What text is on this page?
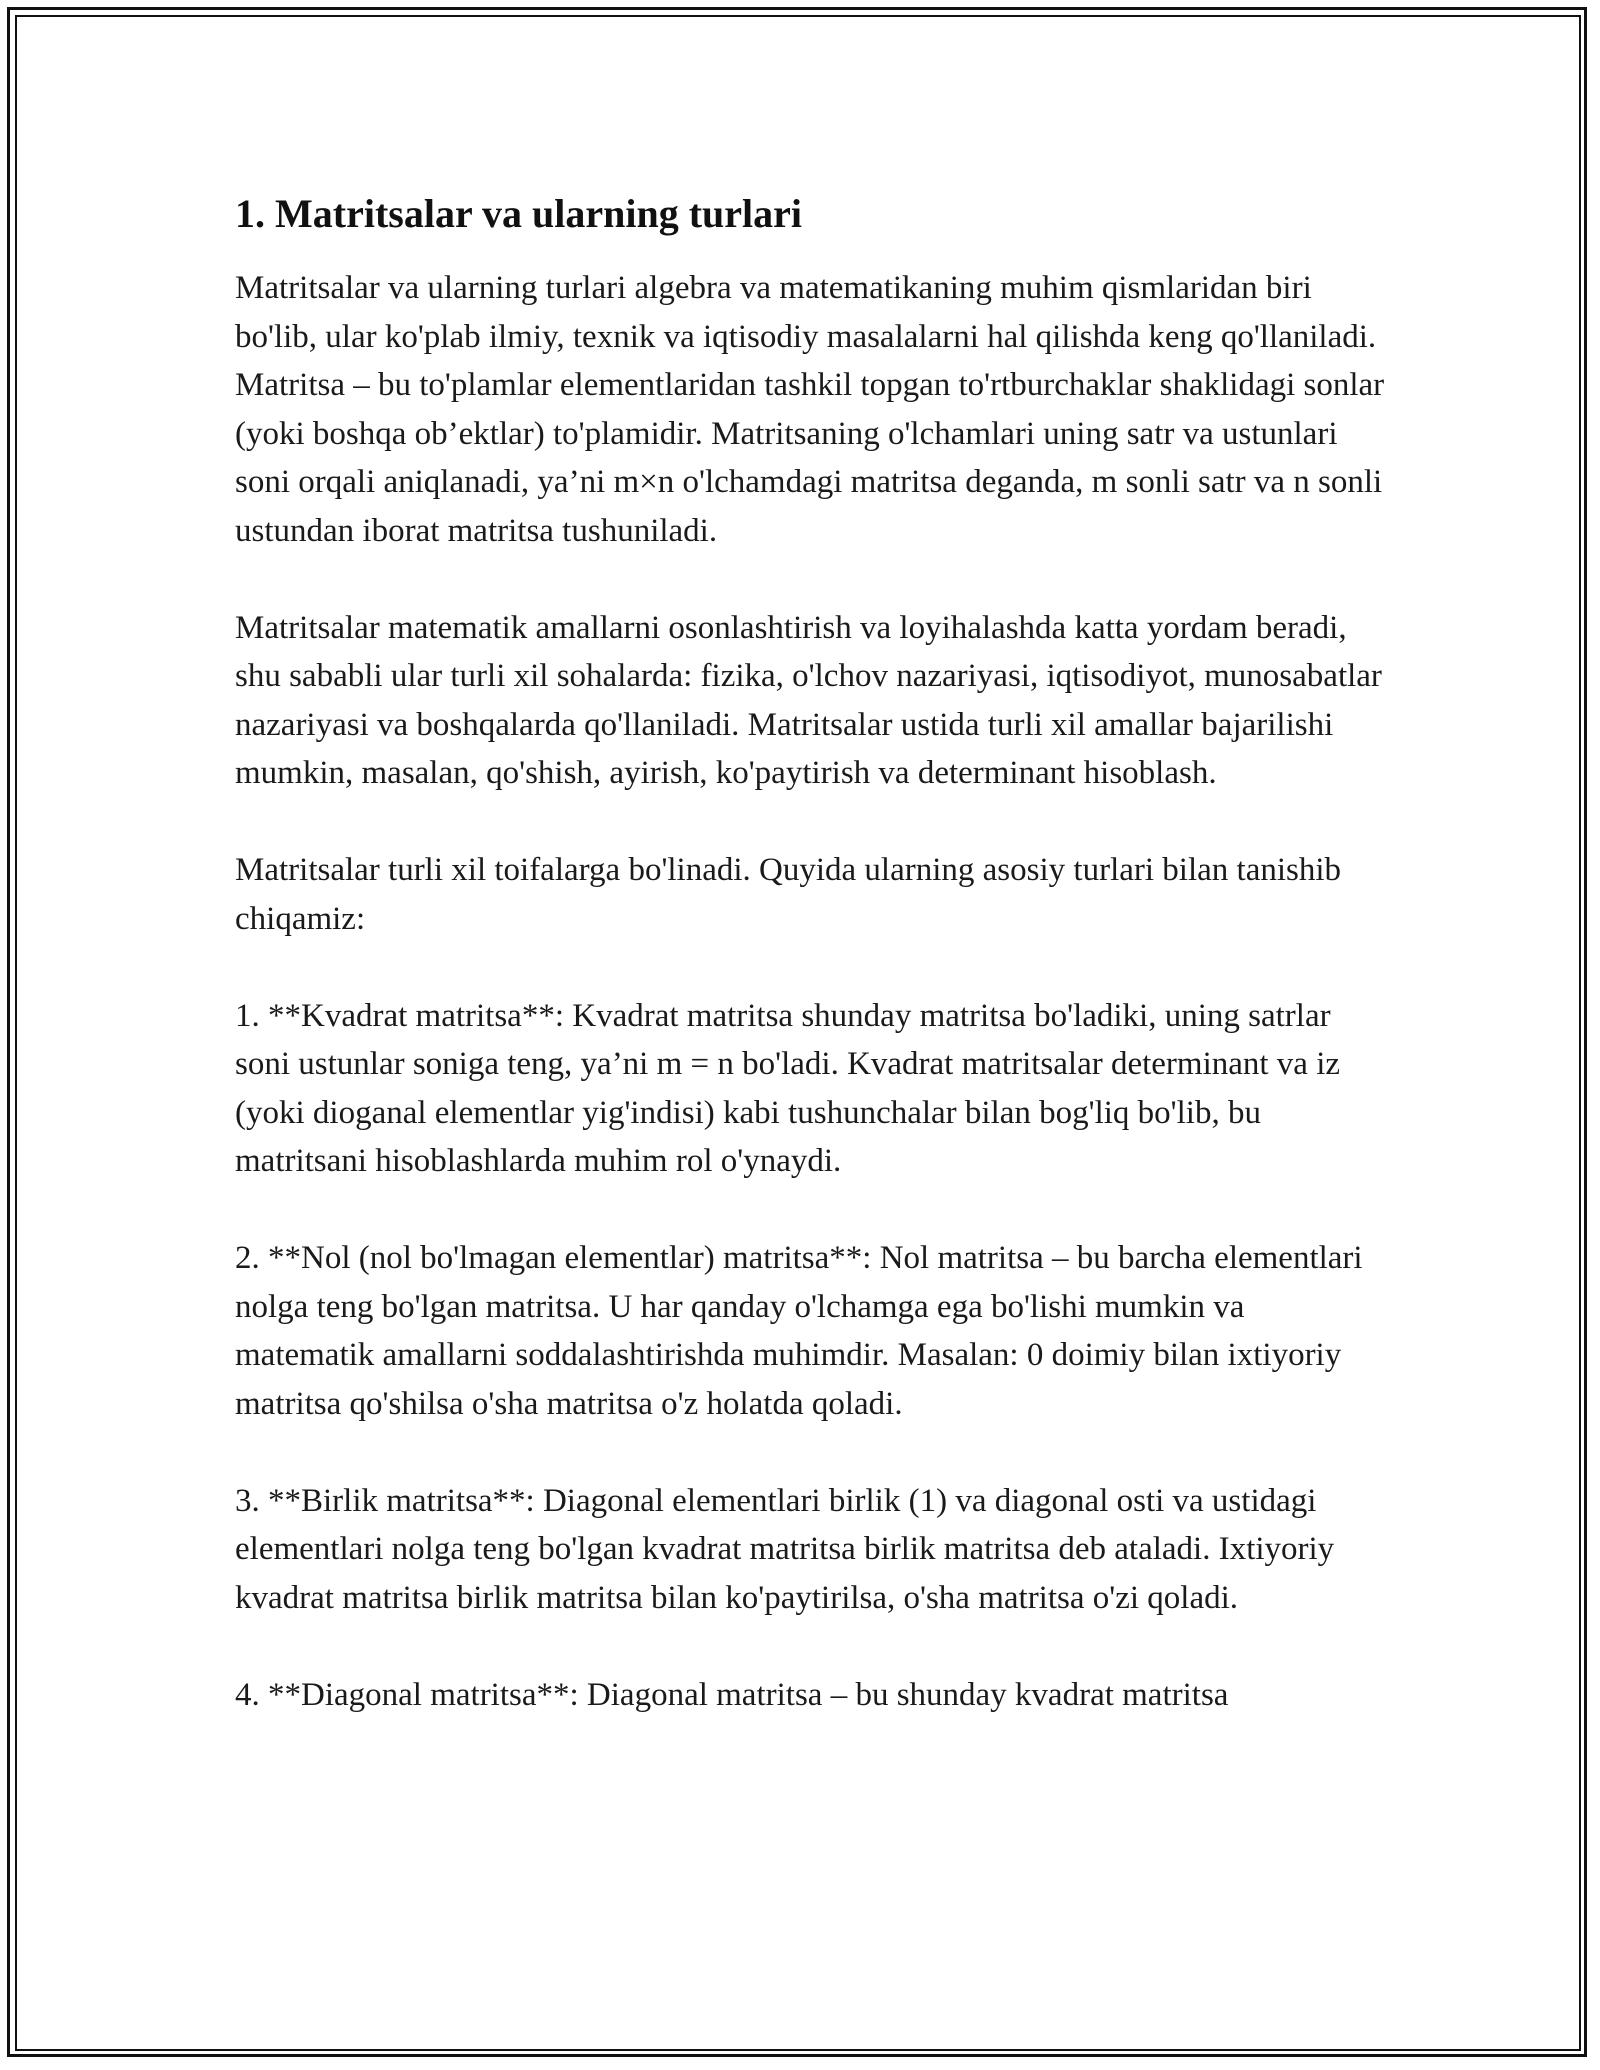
1. Matritsalar va ularning turlari

Matritsalar va ularning turlari algebra va matematikaning muhim qismlaridan biri bo'lib, ular ko'plab ilmiy, texnik va iqtisodiy masalalarni hal qilishda keng qo'llaniladi. Matritsa – bu to'plamlar elementlaridan tashkil topgan to'rtburchaklar shaklidagi sonlar (yoki boshqa ob’ektlar) to'plamidir. Matritsaning o'lchamlari uning satr va ustunlari soni orqali aniqlanadi, ya’ni m×n o'lchamdagi matritsa deganda, m sonli satr va n sonli ustundan iborat matritsa tushuniladi.

Matritsalar matematik amallarni osonlashtirish va loyihalashda katta yordam beradi, shu sababli ular turli xil sohalarda: fizika, o'lchov nazariyasi, iqtisodiyot, munosabatlar nazariyasi va boshqalarda qo'llaniladi. Matritsalar ustida turli xil amallar bajarilishi mumkin, masalan, qo'shish, ayirish, ko'paytirish va determinant hisoblash.

Matritsalar turli xil toifalarga bo'linadi. Quyida ularning asosiy turlari bilan tanishib chiqamiz:

1. **Kvadrat matritsa**: Kvadrat matritsa shunday matritsa bo'ladiki, uning satrlar soni ustunlar soniga teng, ya’ni m = n bo'ladi. Kvadrat matritsalar determinant va iz (yoki dioganal elementlar yig'indisi) kabi tushunchalar bilan bog'liq bo'lib, bu matritsani hisoblashlarda muhim rol o'ynaydi.

2. **Nol (nol bo'lmagan elementlar) matritsa**: Nol matritsa – bu barcha elementlari nolga teng bo'lgan matritsa. U har qanday o'lchamga ega bo'lishi mumkin va matematik amallarni soddalashtirishda muhimdir. Masalan: 0 doimiy bilan ixtiyoriy matritsa qo'shilsa o'sha matritsa o'z holatda qoladi.

3. **Birlik matritsa**: Diagonal elementlari birlik (1) va diagonal osti va ustidagi elementlari nolga teng bo'lgan kvadrat matritsa birlik matritsa deb ataladi. Ixtiyoriy kvadrat matritsa birlik matritsa bilan ko'paytirilsa, o'sha matritsa o'zi qoladi.

4. **Diagonal matritsa**: Diagonal matritsa – bu shunday kvadrat matritsa
